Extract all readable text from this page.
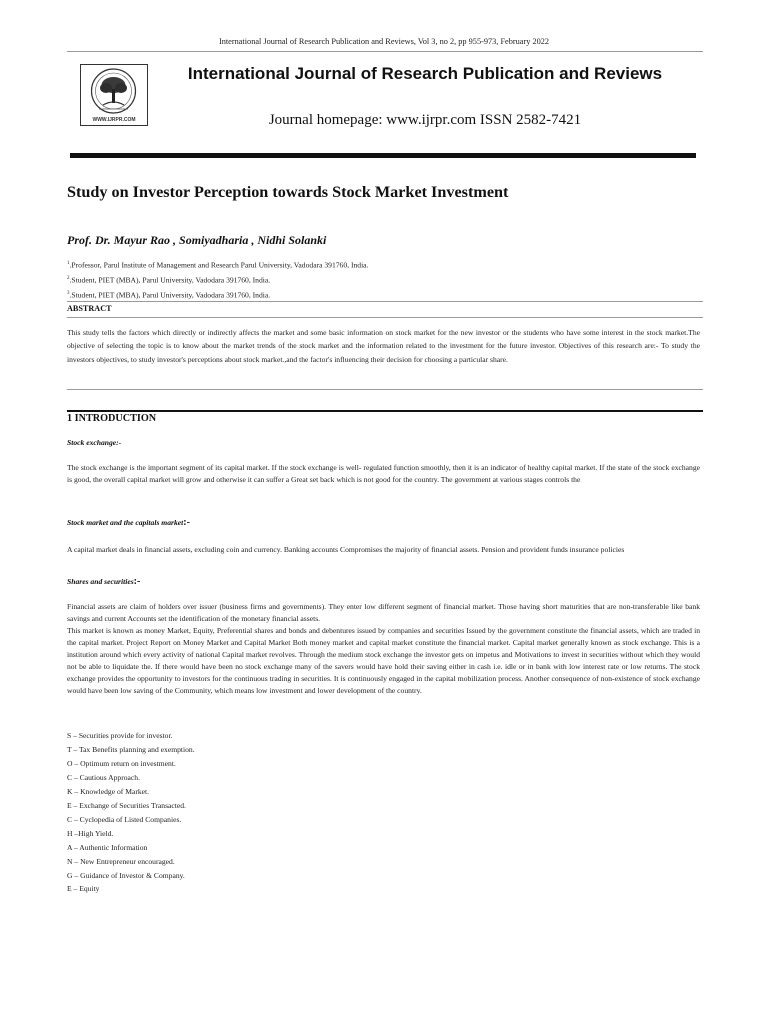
International Journal of Research Publication and Reviews, Vol 3, no 2, pp 955-973, February 2022
WWW.IJRPR.COM
International Journal of Research Publication and Reviews
Journal homepage: www.ijrpr.com ISSN 2582-7421
Study on Investor Perception towards Stock Market Investment
Prof. Dr. Mayur Rao , Somiyadharia , Nidhi Solanki
$^1$.Professor, Parul Institute of Management and Research Parul University, Vadodara 391760, India.
$^2$.Student, PIET (MBA), Parul University, Vadodara 391760, India.
$^3$.Student, PIET (MBA), Parul University, Vadodara 391760, India.
ABSTRACT
This study tells the factors which directly or indirectly affects the market and some basic information on stock market for the new investor or the students who have some interest in the stock market.The objective of selecting the topic is to know about the market trends of the stock market and the information related to the investment for the future investor. Objectives of this research are:- To study the investors objectives, to study investor's perceptions about stock market.,and the factor's influencing their decision for choosing a particular share.
1 INTRODUCTION
Stock exchange:-
The stock exchange is the important segment of its capital market. If the stock exchange is well- regulated function smoothly, then it is an indicator of healthy capital market. If the state of the stock exchange is good, the overall capital market will grow and otherwise it can suffer a Great set back which is not good for the country. The government at various stages controls the
Stock market and the capitals market:-
A capital market deals in financial assets, excluding coin and currency. Banking accounts Compromises the majority of financial assets. Pension and provident funds insurance policies
Shares and securities:-
Financial assets are claim of holders over issuer (business firms and governments). They enter low different segment of financial market. Those having short maturities that are non-transferable like bank savings and current Accounts set the identification of the monetary financial assets.
This market is known as money Market, Equity, Preferential shares and bonds and debentures issued by companies and securities Issued by the government constitute the financial assets, which are traded in the capital market. Project Report on Money Market and Capital Market Both money market and capital market constitute the financial market. Capital market generally known as stock exchange. This is a institution around which every activity of national Capital market revolves. Through the medium stock exchange the investor gets on impetus and Motivations to invest in securities without which they would not be able to liquidate the. If there would have been no stock exchange many of the savers would have hold their saving either in cash i.e. idle or in bank with low interest rate or low returns. The stock exchange provides the opportunity to investors for the continuous trading in securities. It is continuously engaged in the capital mobilization process. Another consequence of non-existence of stock exchange would have been low saving of the Community, which means low investment and lower development of the country.
S – Securities provide for investor.
T – Tax Benefits planning and exemption.
O – Optimum return on investment.
C – Cautious Approach.
K – Knowledge of Market.
E – Exchange of Securities Transacted.
C – Cyclopedia of Listed Companies.
H –High Yield.
A – Authentic Information
N – New Entrepreneur encouraged.
G – Guidance of Investor & Company.
E – Equity
